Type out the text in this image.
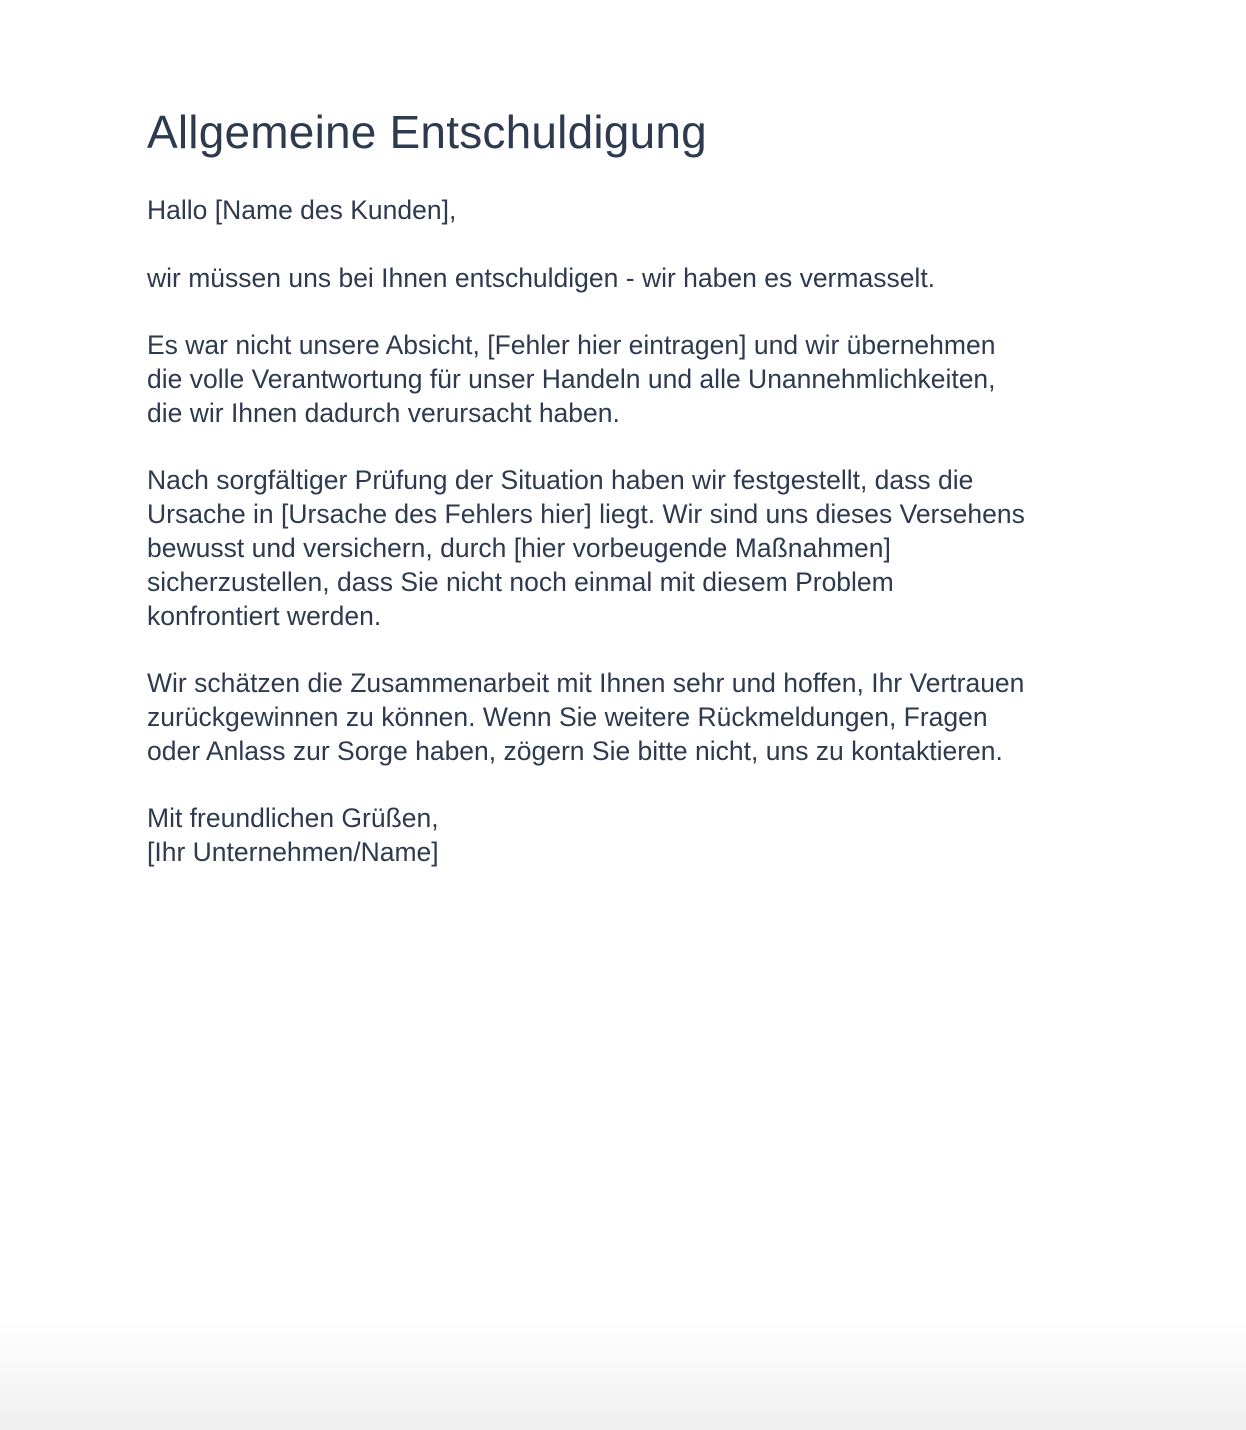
Allgemeine Entschuldigung

Hallo [Name des Kunden],

wir müssen uns bei Ihnen entschuldigen - wir haben es vermasselt.

Es war nicht unsere Absicht, [Fehler hier eintragen] und wir übernehmen
die volle Verantwortung für unser Handeln und alle Unannehmlichkeiten,
die wir Ihnen dadurch verursacht haben.

Nach sorgfältiger Prüfung der Situation haben wir festgestellt, dass die
Ursache in [Ursache des Fehlers hier] liegt. Wir sind uns dieses Versehens
bewusst und versichern, durch [hier vorbeugende Maßnahmen]
sicherzustellen, dass Sie nicht noch einmal mit diesem Problem
konfrontiert werden.

Wir schätzen die Zusammenarbeit mit Ihnen sehr und hoffen, Ihr Vertrauen
zurückgewinnen zu können. Wenn Sie weitere Rückmeldungen, Fragen
oder Anlass zur Sorge haben, zögern Sie bitte nicht, uns zu kontaktieren.

Mit freundlichen Grüßen,
[Ihr Unternehmen/Name]
